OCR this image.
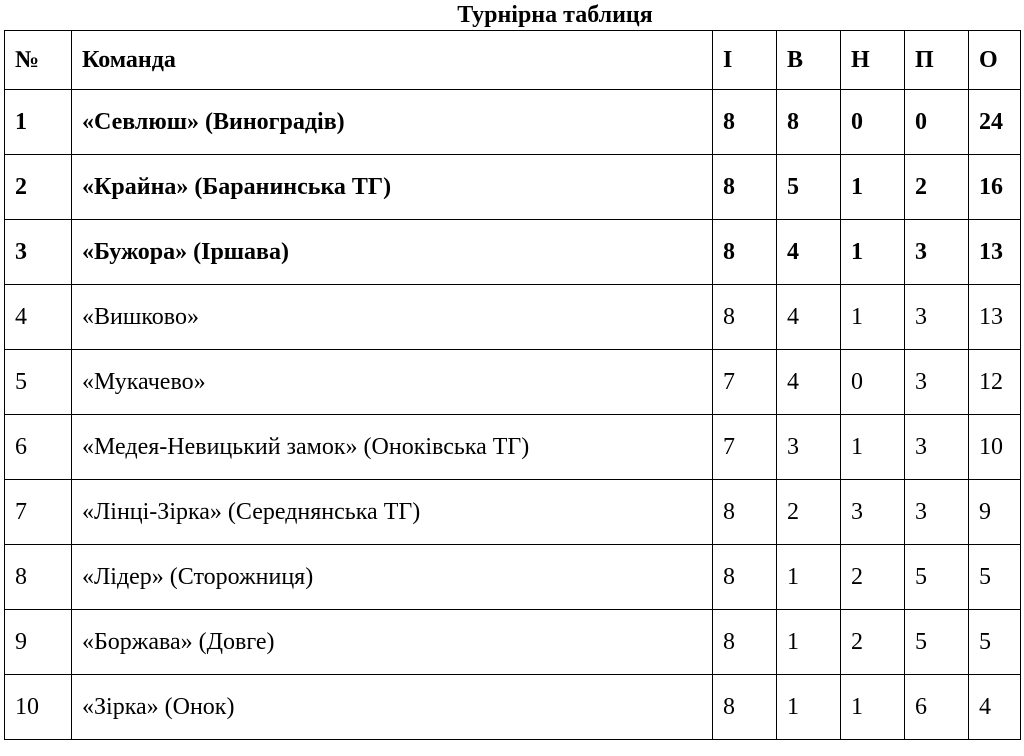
Турнірна таблиця
№	Команда	І	В	Н	П	О
1	«Севлюш» (Виноградів)	8	8	0	0	24
2	«Крайна» (Баранинська ТГ)	8	5	1	2	16
3	«Бужора» (Іршава)	8	4	1	3	13
4	«Вишково»	8	4	1	3	13
5	«Мукачево»	7	4	0	3	12
6	«Медея-Невицький замок» (Оноківська ТГ)	7	3	1	3	10
7	«Лінці-Зірка» (Середнянська ТГ)	8	2	3	3	9
8	«Лідер» (Сторожниця)	8	1	2	5	5
9	«Боржава» (Довге)	8	1	2	5	5
10	«Зірка» (Онок)	8	1	1	6	4
